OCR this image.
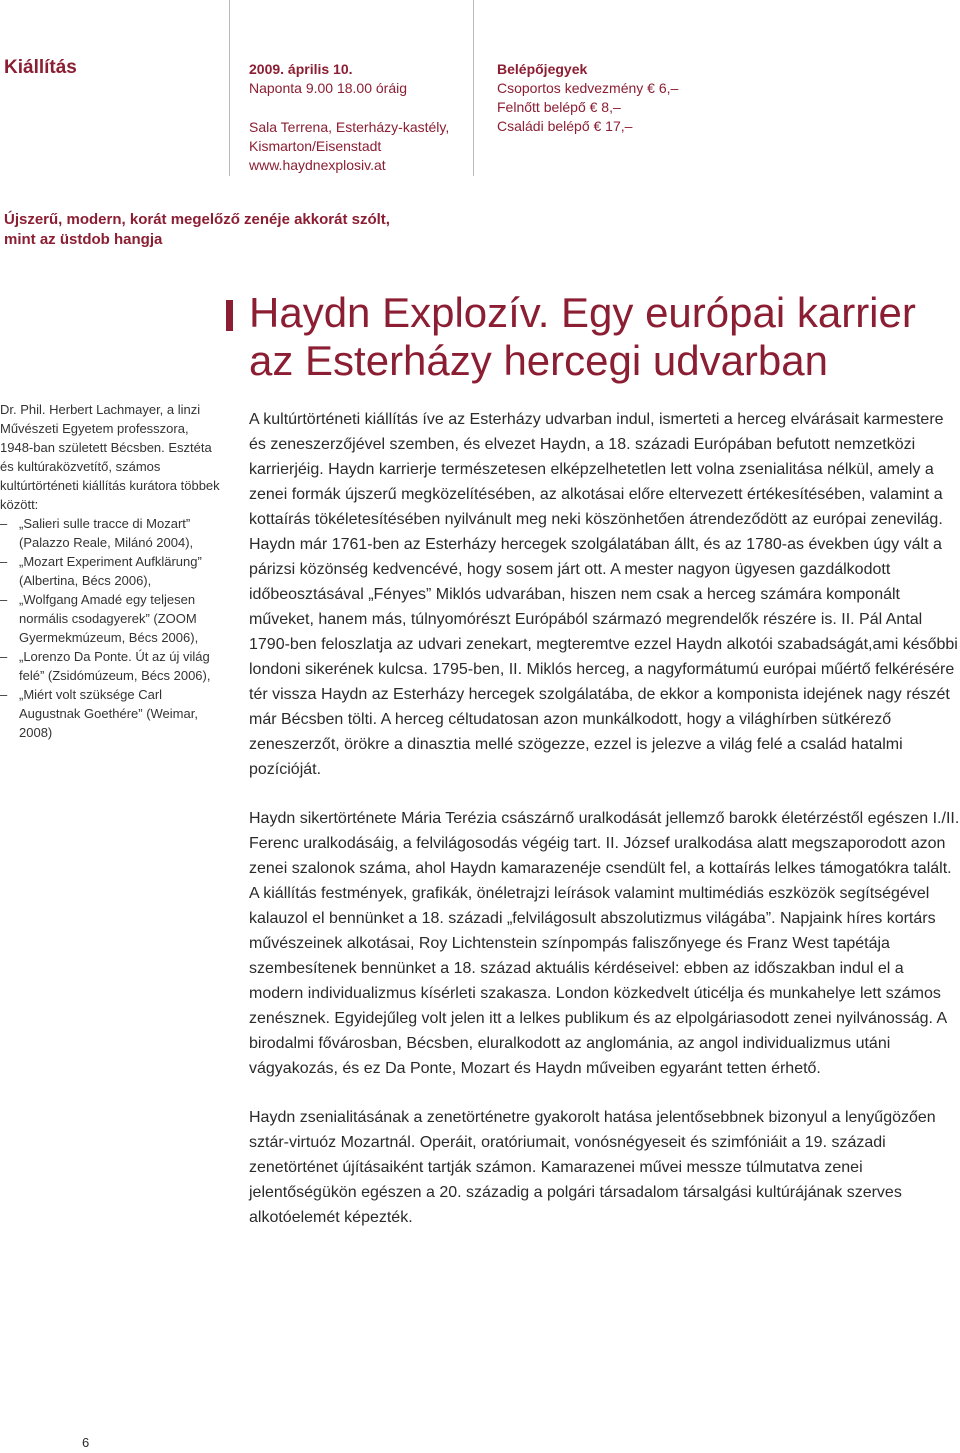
Kiállítás	2009. április 10.
Naponta 9.00 18.00 óráig
Sala Terrena, Esterházy-kastély,
Kismarton/Eisenstadt
www.haydnexplosiv.at
Belépőjegyek
Csoportos kedvezmény € 6,–
Felnőtt belépő € 8,–
Családi belépő € 17,–
Újszerű, modern, korát megelőző zenéje akkorát szólt, mint az üstdob hangja
Haydn Explozív. Egy európai karrier az Esterházy hercegi udvarban
Dr. Phil. Herbert Lachmayer, a linzi Művészeti Egyetem professzora, 1948-ban született Bécsben. Esztéta és kultúraközvetítő, számos kultúrtörténeti kiállítás kurátora többek között:
– „Salieri sulle tracce di Mozart” (Palazzo Reale, Milánó 2004),
– „Mozart Experiment Aufklärung” (Albertina, Bécs 2006),
– „Wolfgang Amadé egy teljesen normális csodagyerek” (ZOOM Gyermekmúzeum, Bécs 2006),
– „Lorenzo Da Ponte. Út az új világ felé” (Zsidómúzeum, Bécs 2006),
– „Miért volt szüksége Carl Augustnak Goethére” (Weimar, 2008)

A kultúrtörténeti kiállítás íve az Esterházy udvarban indul, ismerteti a herceg elvárásait karmestere és zeneszerzőjével szemben, és elvezet Haydn, a 18. századi Európában befutott nemzetközi karrierjéig. Haydn karrierje természetesen elképzelhetetlen lett volna zsenialitása nélkül, amely a zenei formák újszerű megközelítésében, az alkotásai előre eltervezett értékesítésében, valamint a kottaírás tökéletesítésében nyilvánult meg neki köszönhetően átrendeződött az európai zenevilág. Haydn már 1761-ben az Esterházy hercegek szolgálatában állt, és az 1780-as években úgy vált a párizsi közönség kedvencévé, hogy sosem járt ott. A mester nagyon ügyesen gazdálkodott időbeosztásával „Fényes” Miklós udvarában, hiszen nem csak a herceg számára komponált műveket, hanem más, túlnyomórészt Európából származó megrendelők részére is. II. Pál Antal 1790-ben feloszlatja az udvari zenekart, megteremtve ezzel Haydn alkotói szabadságát,ami későbbi londoni sikerének kulcsa. 1795-ben, II. Miklós herceg, a nagyformátumú európai műértő felkérésére tér vissza Haydn az Esterházy hercegek szolgálatába, de ekkor a komponista idejének nagy részét már Bécsben tölti. A herceg céltudatosan azon munkálkodott, hogy a világhírben sütkérező zeneszerzőt, örökre a dinasztia mellé szögezze, ezzel is jelezve a világ felé a család hatalmi pozícióját.

Haydn sikertörténete Mária Terézia császárnő uralkodását jellemző barokk életérzéstől egészen I./II. Ferenc uralkodásáig, a felvilágosodás végéig tart. II. József uralkodása alatt megszaporodott azon zenei szalonok száma, ahol Haydn kamarazenéje csendült fel, a kottaírás lelkes támogatókra talált. A kiállítás festmények, grafikák, önéletrajzi leírások valamint multimédiás eszközök segítségével kalauzol el bennünket a 18. századi „felvilágosult abszolutizmus világába”. Napjaink híres kortárs művészeinek alkotásai, Roy Lichtenstein színpompás faliszőnyege és Franz West tapétája szembesítenek bennünket a 18. század aktuális kérdéseivel: ebben az időszakban indul el a modern individualizmus kísérleti szakasza. London közkedvelt úticélja és munkahelye lett számos zenésznek. Egyidejűleg volt jelen itt a lelkes publikum és az elpolgáriasodott zenei nyilvánosság. A birodalmi fővárosban, Bécsben, eluralkodott az anglománia, az angol individualizmus utáni vágyakozás, és ez Da Ponte, Mozart és Haydn műveiben egyaránt tetten érhető.

Haydn zsenialitásának a zenetörténetre gyakorolt hatása jelentősebbnek bizonyul a lenyűgözően sztár-virtuóz Mozartnál. Operáit, oratóriumait, vonósnégyeseit és szimfóniáit a 19. századi zenetörténet újításaiként tartják számon. Kamarazenei művei messze túlmutatva zenei jelentőségükön egészen a 20. századig a polgári társadalom társalgási kultúrájának szerves alkotóelemét képezték.

6
